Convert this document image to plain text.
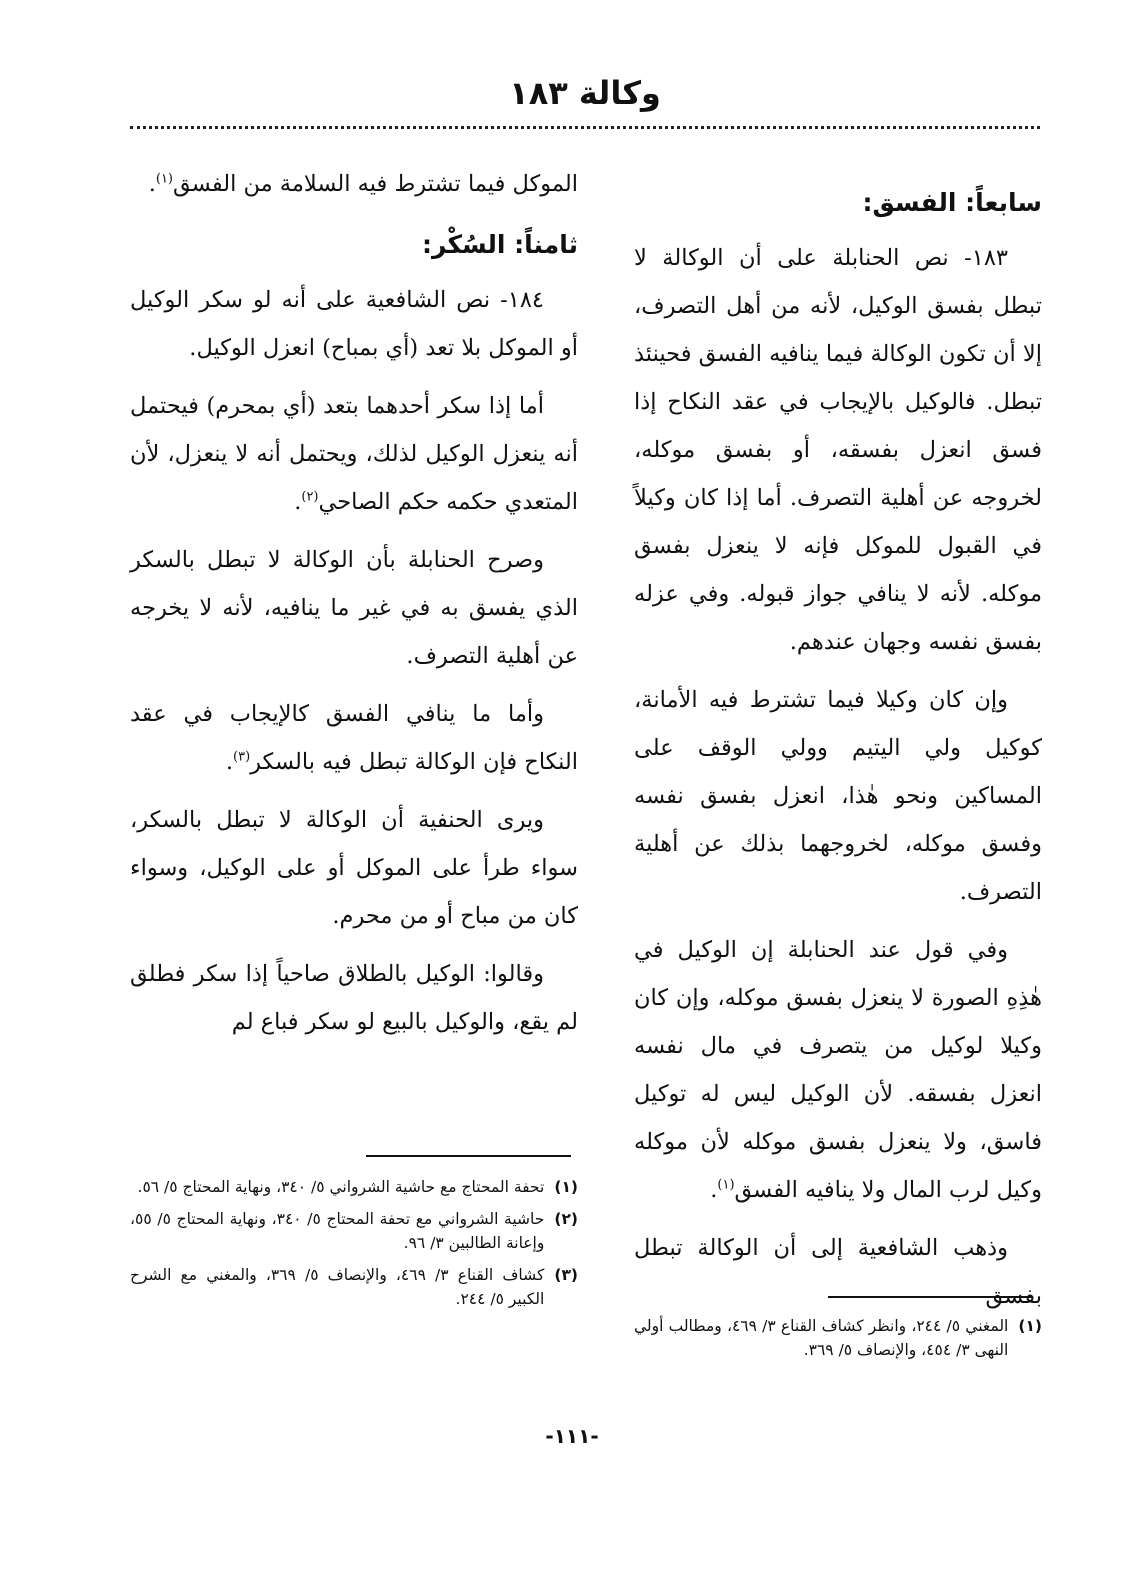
وكالة ١٨٣
سابعاً: الفسق:

١٨٣- نص الحنابلة على أن الوكالة لا تبطل بفسق الوكيل، لأنه من أهل التصرف، إلا أن تكون الوكالة فيما ينافيه الفسق فحينئذ تبطل. فالوكيل بالإيجاب في عقد النكاح إذا فسق انعزل بفسقه، أو بفسق موكله، لخروجه عن أهلية التصرف. أما إذا كان وكيلاً في القبول للموكل فإنه لا ينعزل بفسق موكله. لأنه لا ينافي جواز قبوله. وفي عزله بفسق نفسه وجهان عندهم.

وإن كان وكيلا فيما تشترط فيه الأمانة، كوكيل ولي اليتيم وولي الوقف على المساكين ونحو هٰذا، انعزل بفسق نفسه وفسق موكله، لخروجهما بذلك عن أهلية التصرف.

وفي قول عند الحنابلة إن الوكيل في هٰذِهِ الصورة لا ينعزل بفسق موكله، وإن كان وكيلا لوكيل من يتصرف في مال نفسه انعزل بفسقه. لأن الوكيل ليس له توكيل فاسق، ولا ينعزل بفسق موكله لأن موكله وكيل لرب المال ولا ينافيه الفسق$^{(١)}$.

وذهب الشافعية إلى أن الوكالة تبطل بفسق

الموكل فيما تشترط فيه السلامة من الفسق$^{(١)}$.

ثامناً: السُكْر:

١٨٤- نص الشافعية على أنه لو سكر الوكيل أو الموكل بلا تعد (أي بمباح) انعزل الوكيل.

أما إذا سكر أحدهما بتعد (أي بمحرم) فيحتمل أنه ينعزل الوكيل لذلك، ويحتمل أنه لا ينعزل، لأن المتعدي حكمه حكم الصاحي$^{(٢)}$.

وصرح الحنابلة بأن الوكالة لا تبطل بالسكر الذي يفسق به في غير ما ينافيه، لأنه لا يخرجه عن أهلية التصرف.

وأما ما ينافي الفسق كالإيجاب في عقد النكاح فإن الوكالة تبطل فيه بالسكر$^{(٣)}$.

ويرى الحنفية أن الوكالة لا تبطل بالسكر، سواء طرأ على الموكل أو على الوكيل، وسواء كان من مباح أو من محرم.

وقالوا: الوكيل بالطلاق صاحياً إذا سكر فطلق لم يقع، والوكيل بالبيع لو سكر فباع لم

(١)
المغني ٥/ ٢٤٤، وانظر كشاف القناع ٣/ ٤٦٩، ومطالب أولي النهى ٣/ ٤٥٤، والإنصاف ٥/ ٣٦٩.
(١)
تحفة المحتاج مع حاشية الشرواني ٥/ ٣٤٠، ونهاية المحتاج ٥/ ٥٦.
(٢)
حاشية الشرواني مع تحفة المحتاج ٥/ ٣٤٠، ونهاية المحتاج ٥/ ٥٥، وإعانة الطالبين ٣/ ٩٦.
(٣)
كشاف القناع ٣/ ٤٦٩، والإنصاف ٥/ ٣٦٩، والمغني مع الشرح الكبير ٥/ ٢٤٤.
-١١١-
